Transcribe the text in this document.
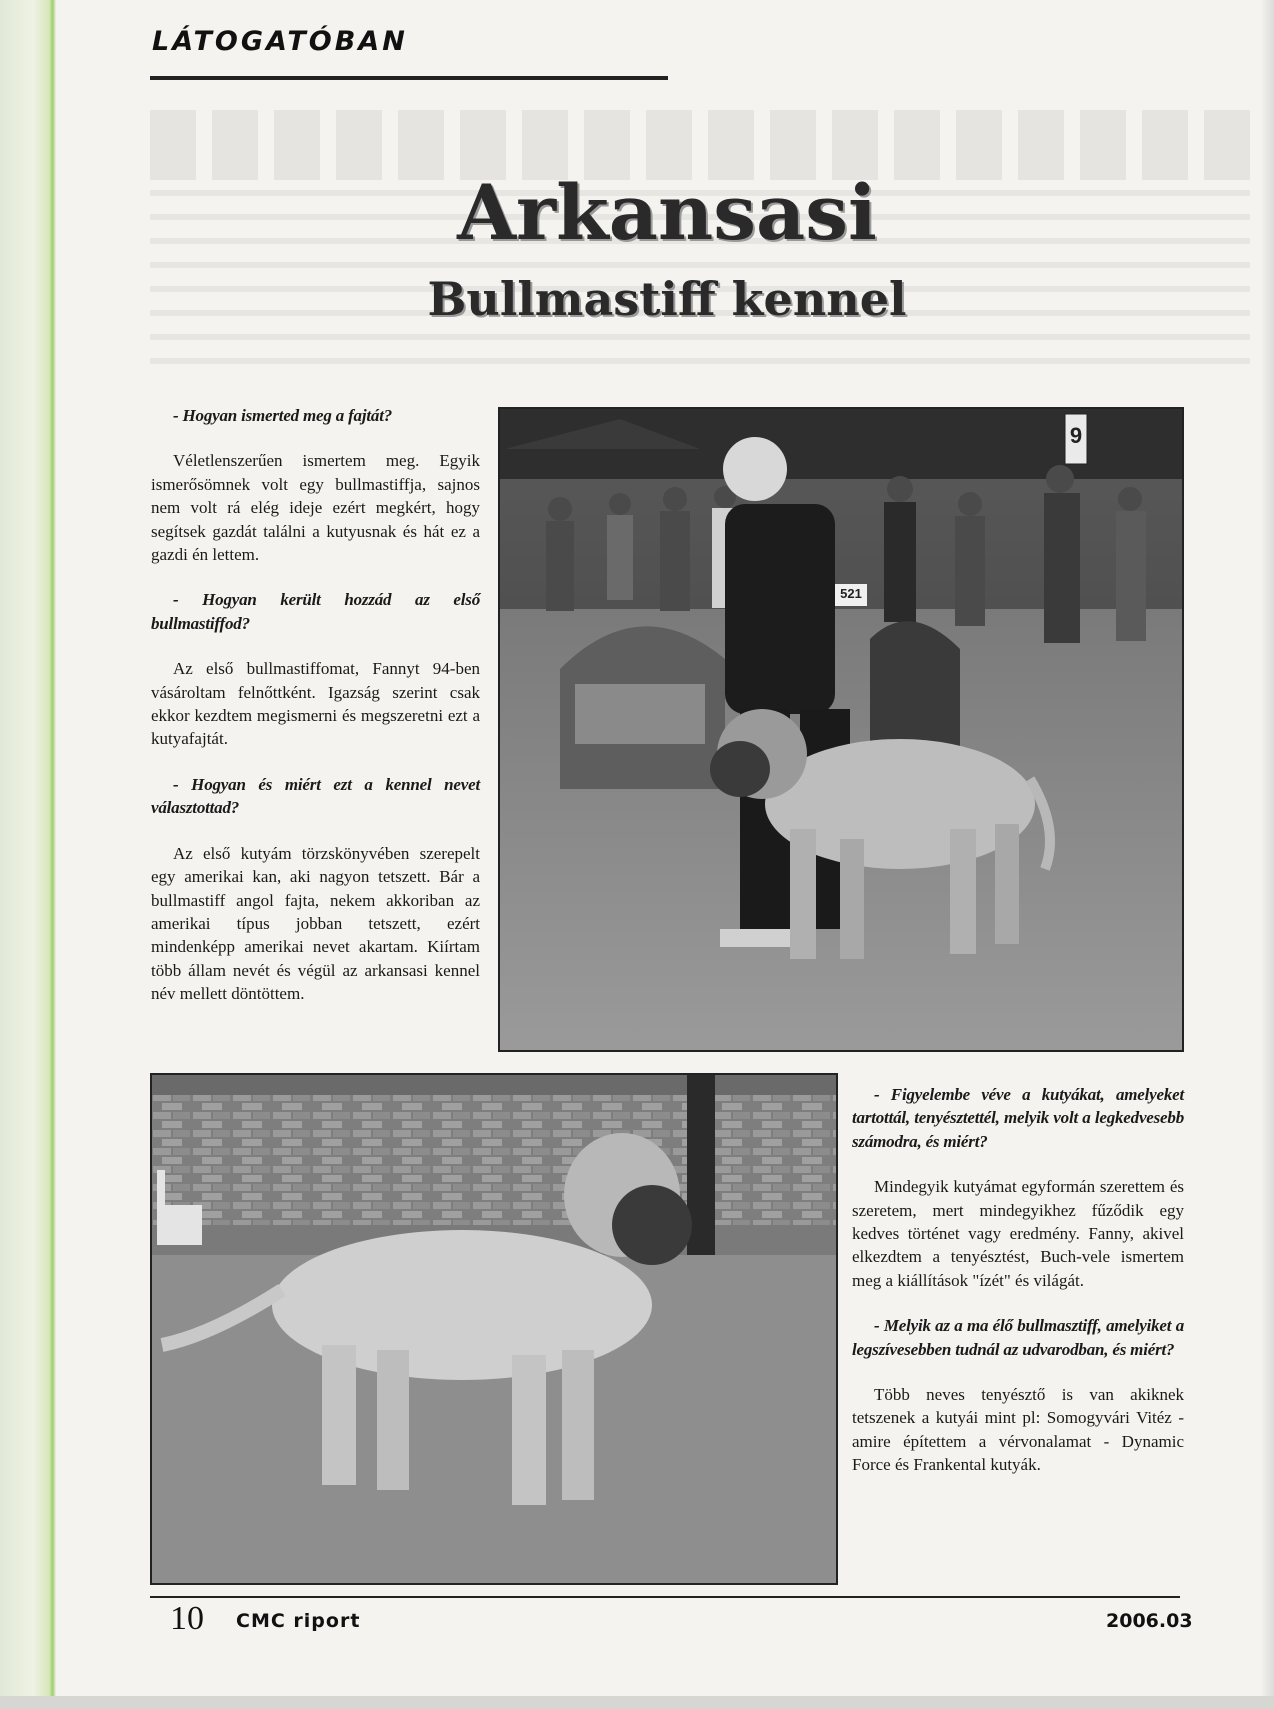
LÁTOGATÓBAN
Arkansasi
Bullmastiff kennel

- Hogyan ismerted meg a fajtát?

Véletlenszerűen ismertem meg. Egyik ismerősömnek volt egy bullmastiffja, sajnos nem volt rá elég ideje ezért megkért, hogy segítsek gazdát találni a kutyusnak és hát ez a gazdi én lettem.

- Hogyan került hozzád az első bullmastiffod?

Az első bullmastiffomat, Fannyt 94-ben vásároltam felnőttként. Igazság szerint csak ekkor kezdtem megismerni és megszeretni ezt a kutyafajtát.

- Hogyan és miért ezt a kennel nevet választottad?

Az első kutyám törzskönyvében szerepelt egy amerikai kan, aki nagyon tetszett. Bár a bullmastiff angol fajta, nekem akkoriban az amerikai típus jobban tetszett, ezért mindenképp amerikai nevet akartam. Kiírtam több állam nevét és végül az arkansasi kennel név mellett döntöttem.

- Figyelembe véve a kutyákat, amelyeket tartottál, tenyésztettél, melyik volt a legkedvesebb számodra, és miért?

Mindegyik kutyámat egyformán szerettem és szeretem, mert mindegyikhez fűződik egy kedves történet vagy eredmény. Fanny, akivel elkezdtem a tenyésztést, Buch-vele ismertem meg a kiállítások "ízét" és világát.

- Melyik az a ma élő bullmasztiff, amelyiket a legszívesebben tudnál az udvarodban, és miért?

Több neves tenyésztő is van akiknek tetszenek a kutyái mint pl: Somogyvári Vitéz - amire építettem a vérvonalamat - Dynamic Force és Frankental kutyák.

9
521
10 CMC riport	2006.03
